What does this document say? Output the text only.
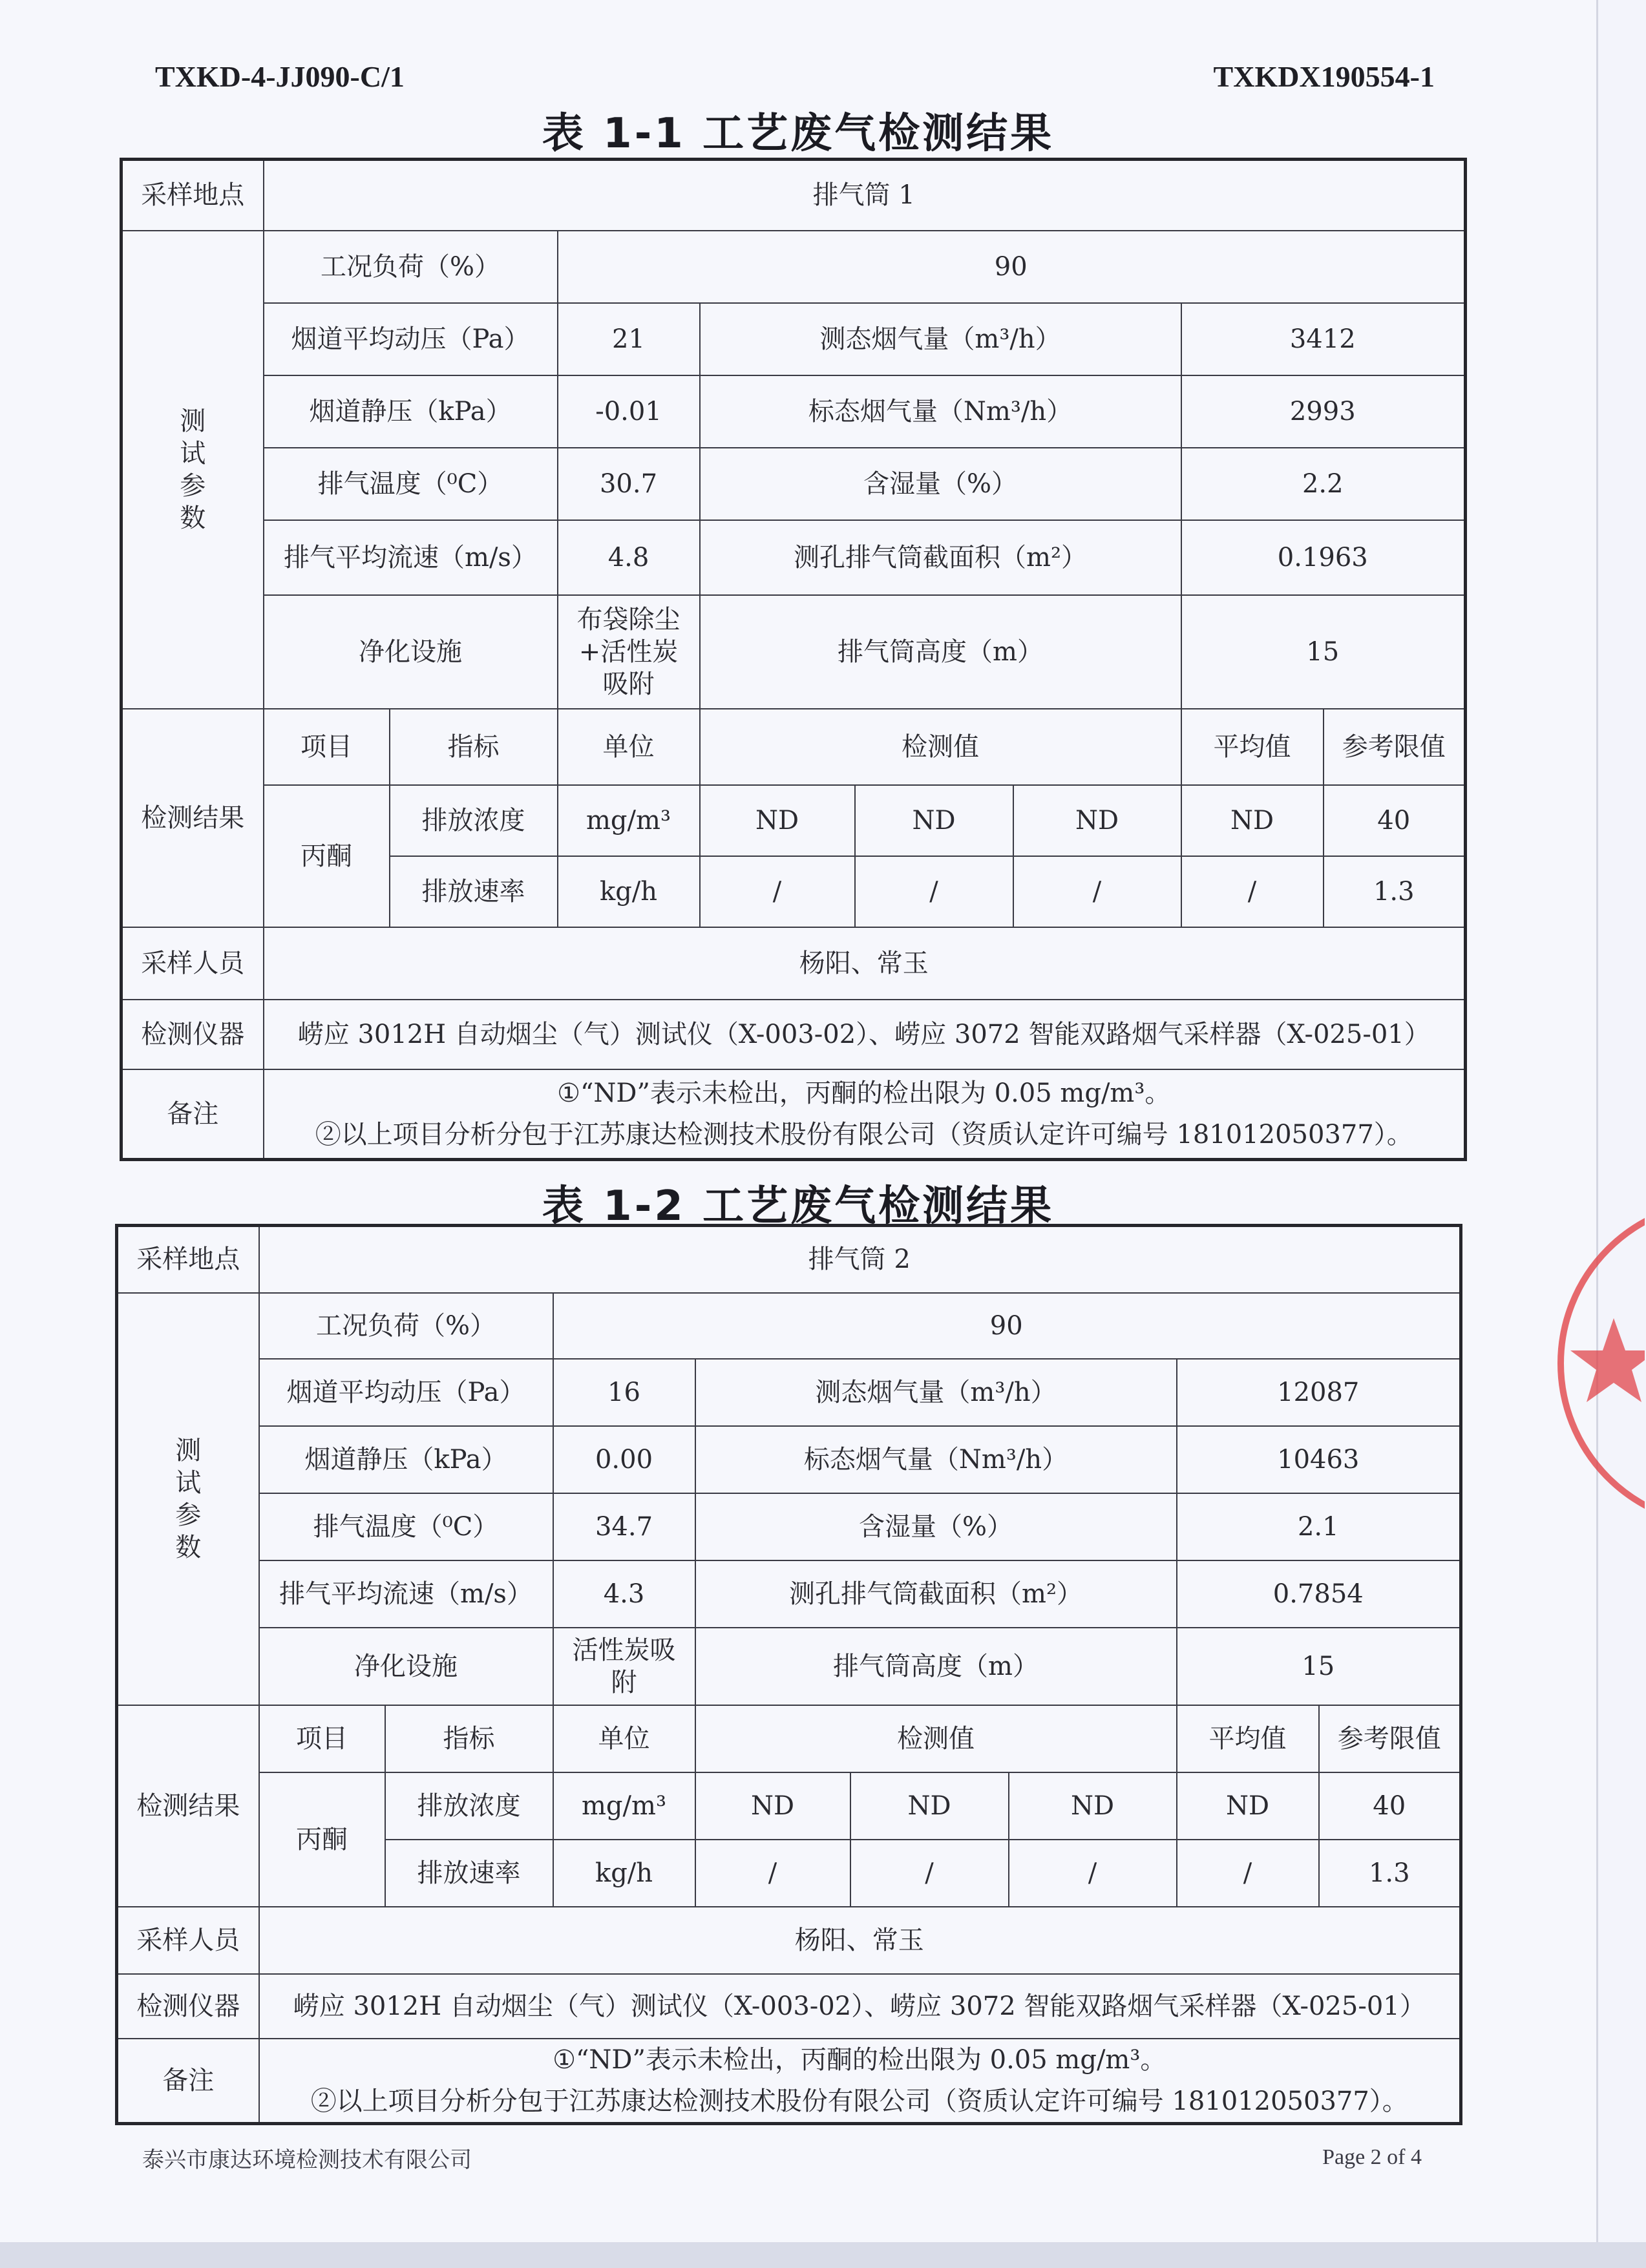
TXKD-4-JJ090-C/1	TXKDX190554-1
表 1-1 工艺废气检测结果
采样地点	排气筒 1							

测
试
参
数	工况负荷（%）		90					
	烟道平均动压（Pa）		21	测态烟气量（m³/h）			3412	
	烟道静压（kPa）		-0.01	标态烟气量（Nm³/h）			2993	
	排气温度（⁰C）		30.7	含湿量（%）			2.2	
	排气平均流速（m/s）		4.8	测孔排气筒截面积（m²）			0.1963	
	净化设施		布袋除尘
+活性炭
吸附	排气筒高度（m）			15	
检测结果	项目	指标	单位	检测值			平均值	参考限值
	丙酮	排放浓度	mg/m³	ND	ND	ND	ND	40
		排放速率	kg/h	/	/	/	/	1.3
采样人员	杨阳、常玉							
检测仪器	崂应 3012H 自动烟尘（气）测试仪（X-003-02）、崂应 3072 智能双路烟气采样器（X-025-01）							
备注	①“ND”表示未检出，丙酮的检出限为 0.05 mg/m³。
②以上项目分析分包于江苏康达检测技术股份有限公司（资质认定许可编号 181012050377）。							
表 1-2 工艺废气检测结果
采样地点	排气筒 2							

测
试
参
数	工况负荷（%）		90					
	烟道平均动压（Pa）		16	测态烟气量（m³/h）			12087	
	烟道静压（kPa）		0.00	标态烟气量（Nm³/h）			10463	
	排气温度（⁰C）		34.7	含湿量（%）			2.1	
	排气平均流速（m/s）		4.3	测孔排气筒截面积（m²）			0.7854	
	净化设施		活性炭吸
附	排气筒高度（m）			15	
检测结果	项目	指标	单位	检测值			平均值	参考限值
	丙酮	排放浓度	mg/m³	ND	ND	ND	ND	40
		排放速率	kg/h	/	/	/	/	1.3
采样人员	杨阳、常玉							
检测仪器	崂应 3012H 自动烟尘（气）测试仪（X-003-02）、崂应 3072 智能双路烟气采样器（X-025-01）							
备注	①“ND”表示未检出，丙酮的检出限为 0.05 mg/m³。
②以上项目分析分包于江苏康达检测技术股份有限公司（资质认定许可编号 181012050377）。							
泰兴市康达环境检测技术有限公司	Page 2 of 4
